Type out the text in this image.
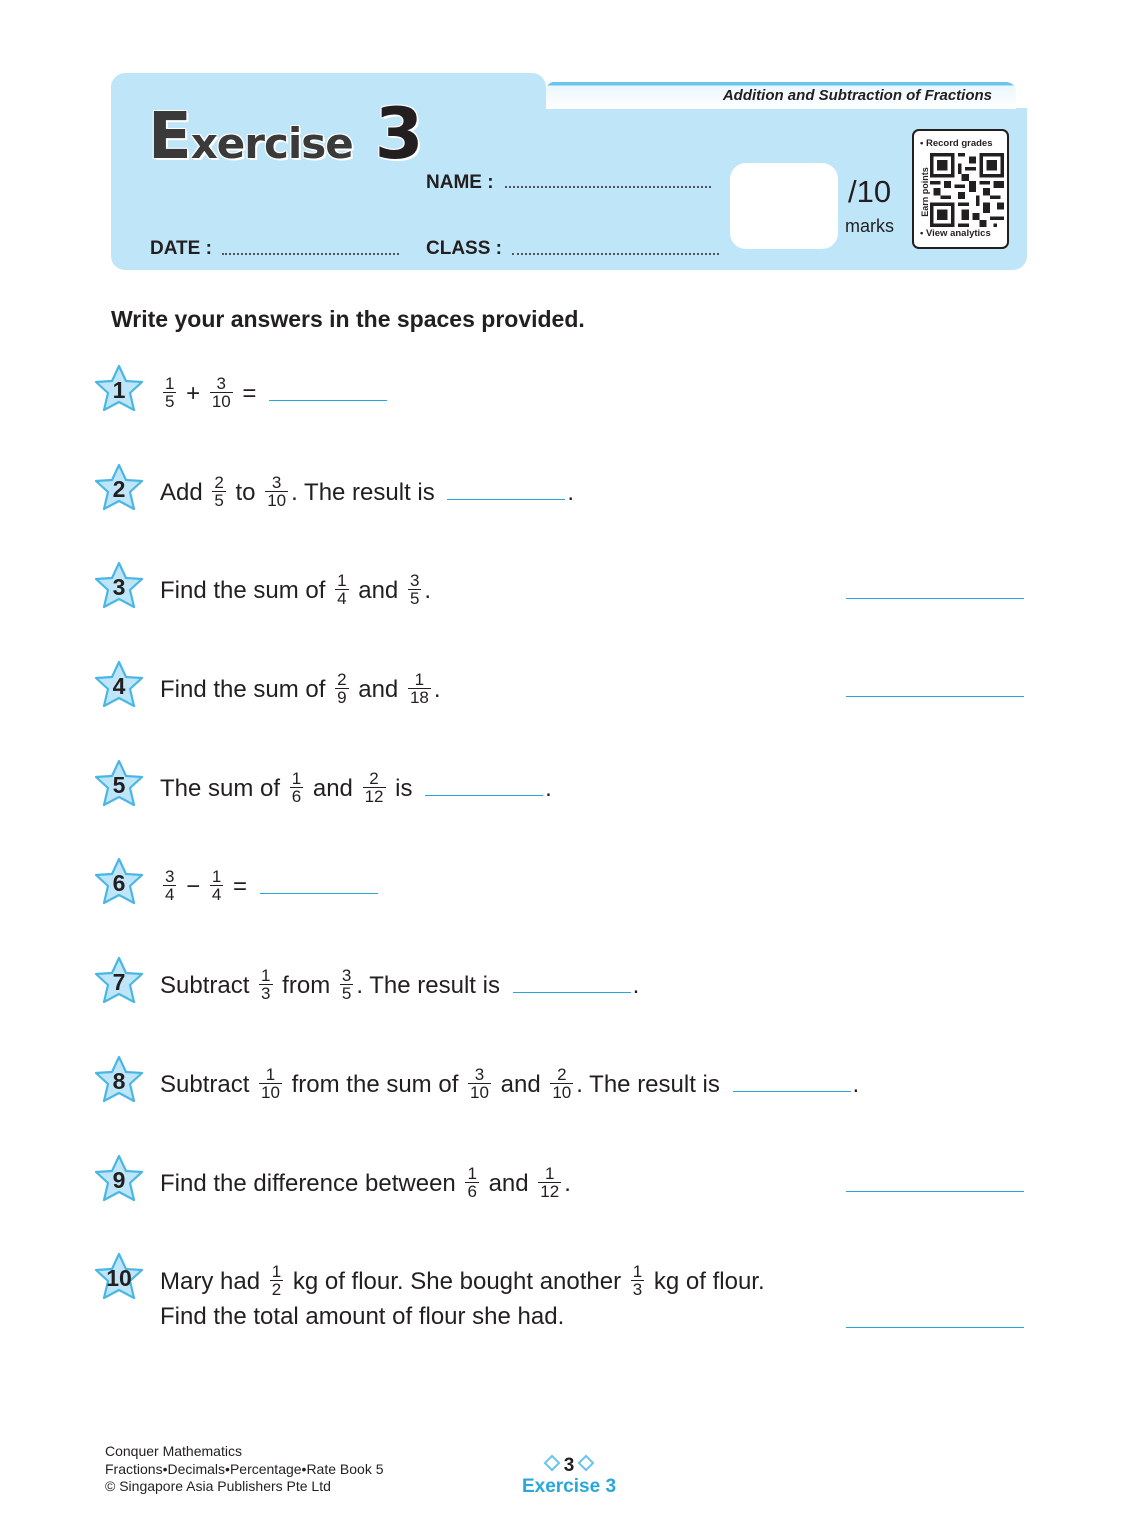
Addition and Subtraction of Fractions
Exercise 3
NAME :
DATE :	CLASS :
/10
marks
• Record grades
Earn points
• View analytics
Write your answers in the spaces provided.
1	$\frac{1}{5} + \frac{3}{10}$ =
2	Add $\frac{2}{5}$ to $\frac{3}{10}$ . The result is	.
3	Find the sum of $\frac{1}{4}$ and $\frac{3}{5}$ .
4	Find the sum of $\frac{2}{9}$ and $\frac{1}{18}$ .
5	The sum of $\frac{1}{6}$ and $\frac{2}{12}$ is	.
6	$\frac{3}{4} - \frac{1}{4}$ =
7	Subtract $\frac{1}{3}$ from $\frac{3}{5}$ . The result is	.
8	Subtract $\frac{1}{10}$ from the sum of $\frac{3}{10}$ and $\frac{2}{10}$ . The result is	.
9	Find the difference between $\frac{1}{6}$ and $\frac{1}{12}$ .
10	Mary had $\frac{1}{2}$ kg of flour. She bought another $\frac{1}{3}$ kg of flour.
Find the total amount of flour she had.
Conquer Mathematics
Fractions•Decimals•Percentage•Rate Book 5
© Singapore Asia Publishers Pte Ltd
3
Exercise 3
